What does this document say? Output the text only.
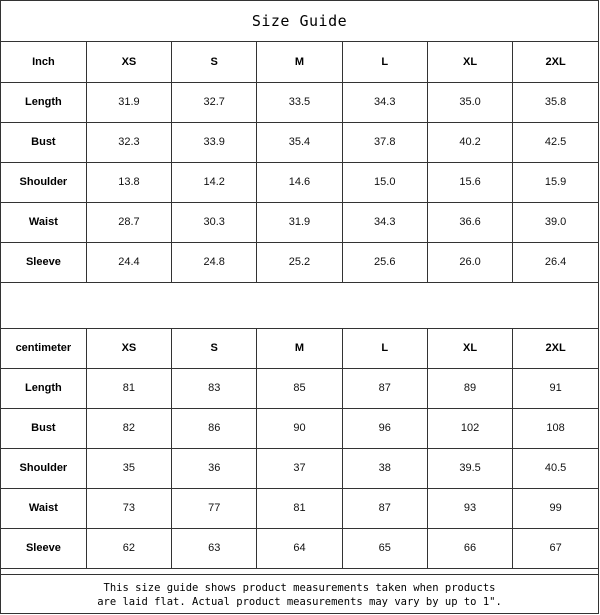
Size Guide
Inch	XS	S	M	L	XL	2XL
Length	31.9	32.7	33.5	34.3	35.0	35.8
Bust	32.3	33.9	35.4	37.8	40.2	42.5
Shoulder	13.8	14.2	14.6	15.0	15.6	15.9
Waist	28.7	30.3	31.9	34.3	36.6	39.0
Sleeve	24.4	24.8	25.2	25.6	26.0	26.4
centimeter	XS	S	M	L	XL	2XL
Length	81	83	85	87	89	91
Bust	82	86	90	96	102	108
Shoulder	35	36	37	38	39.5	40.5
Waist	73	77	81	87	93	99
Sleeve	62	63	64	65	66	67
This size guide shows product measurements taken when products
are laid flat. Actual product measurements may vary by up to 1".
